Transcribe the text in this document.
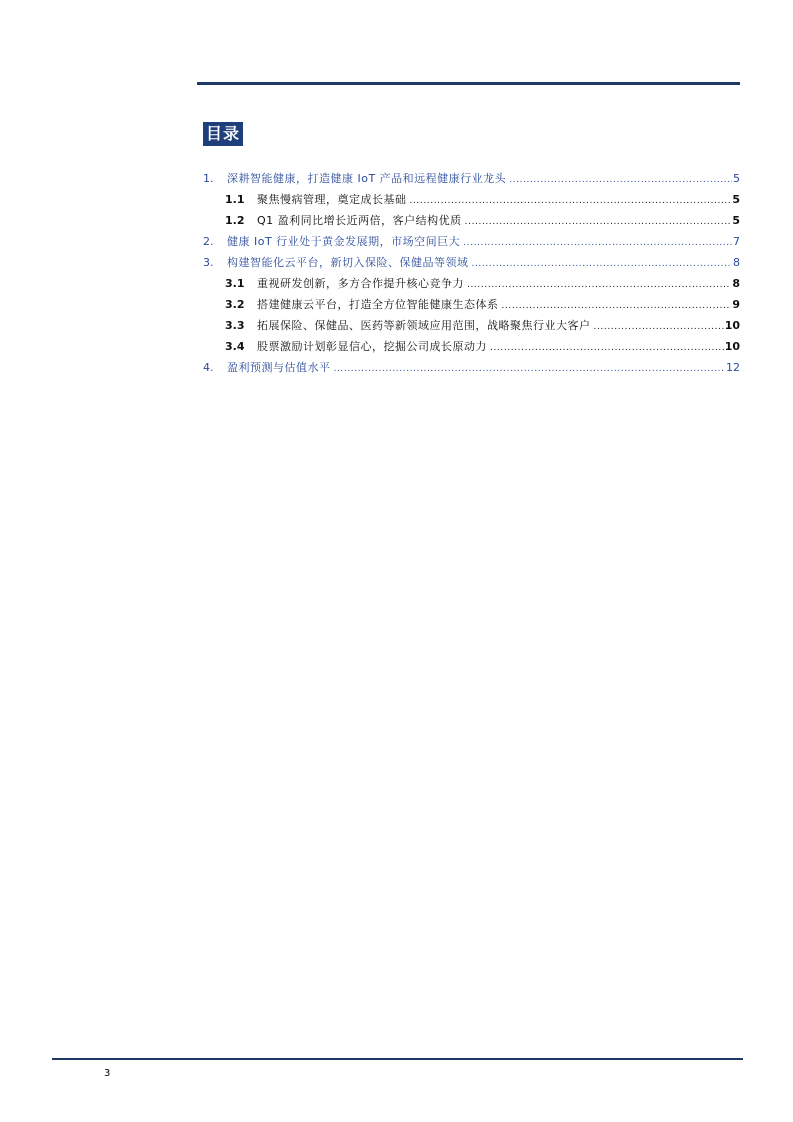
目录
1.	深耕智能健康，打造健康 IoT 产品和远程健康行业龙头 .....	5
1.1	聚焦慢病管理，奠定成长基础 .....	5
1.2	Q1 盈利同比增长近两倍，客户结构优质 .....	5
2.	健康 IoT 行业处于黄金发展期，市场空间巨大 .....	7
3.	构建智能化云平台，新切入保险、保健品等领域 .....	8
3.1	重视研发创新，多方合作提升核心竞争力 .....	8
3.2	搭建健康云平台，打造全方位智能健康生态体系 .....	9
3.3	拓展保险、保健品、医药等新领域应用范围，战略聚焦行业大客户 .....	10
3.4	股票激励计划彰显信心，挖掘公司成长原动力 .....	10
4.	盈利预测与估值水平 .....	12
3
